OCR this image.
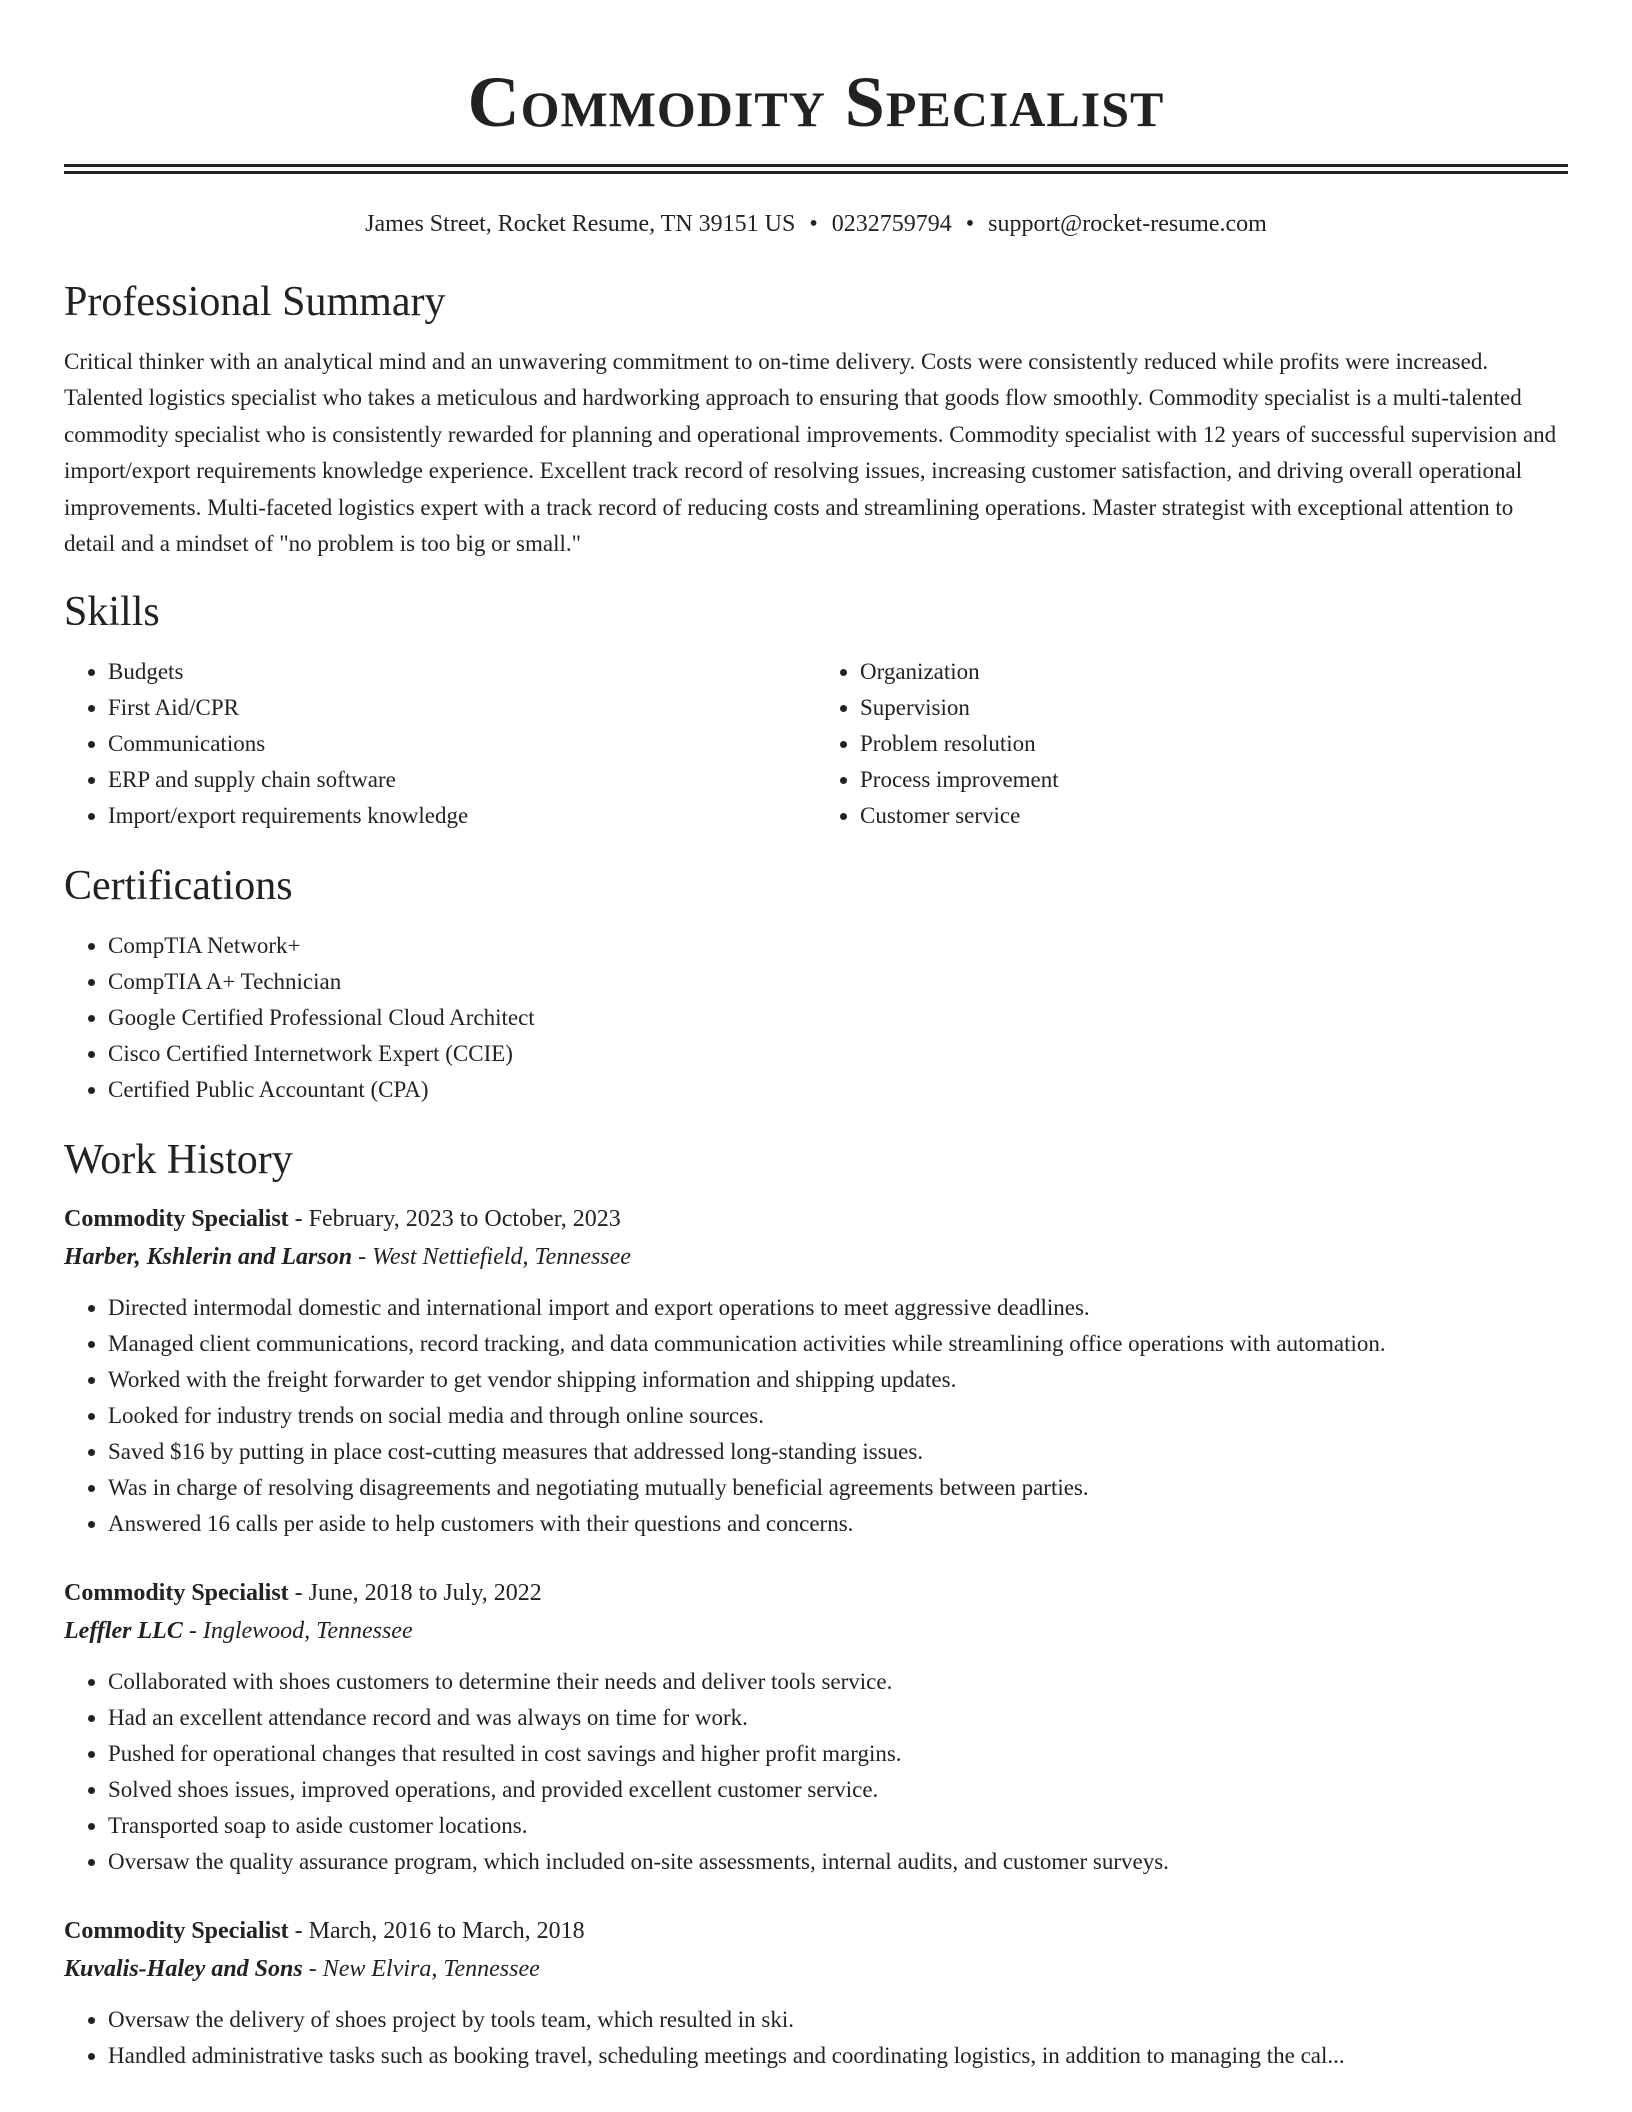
Commodity Specialist
James Street, Rocket Resume, TN 39151 US • 0232759794 • support@rocket-resume.com
Professional Summary

Critical thinker with an analytical mind and an unwavering commitment to on-time delivery. Costs were consistently reduced while profits were increased. Talented logistics specialist who takes a meticulous and hardworking approach to ensuring that goods flow smoothly. Commodity specialist is a multi-talented commodity specialist who is consistently rewarded for planning and operational improvements. Commodity specialist with 12 years of successful supervision and import/export requirements knowledge experience. Excellent track record of resolving issues, increasing customer satisfaction, and driving overall operational improvements. Multi-faceted logistics expert with a track record of reducing costs and streamlining operations. Master strategist with exceptional attention to detail and a mindset of "no problem is too big or small."

Skills
• Budgets
• First Aid/CPR
• Communications
• ERP and supply chain software
• Import/export requirements knowledge
• Organization
• Supervision
• Problem resolution
• Process improvement
• Customer service
Certifications
• CompTIA Network+
• CompTIA A+ Technician
• Google Certified Professional Cloud Architect
• Cisco Certified Internetwork Expert (CCIE)
• Certified Public Accountant (CPA)
Work History
Commodity Specialist - February, 2023 to October, 2023
Harber, Kshlerin and Larson - West Nettiefield, Tennessee
• Directed intermodal domestic and international import and export operations to meet aggressive deadlines.
• Managed client communications, record tracking, and data communication activities while streamlining office operations with automation.
• Worked with the freight forwarder to get vendor shipping information and shipping updates.
• Looked for industry trends on social media and through online sources.
• Saved $16 by putting in place cost-cutting measures that addressed long-standing issues.
• Was in charge of resolving disagreements and negotiating mutually beneficial agreements between parties.
• Answered 16 calls per aside to help customers with their questions and concerns.
Commodity Specialist - June, 2018 to July, 2022
Leffler LLC - Inglewood, Tennessee
• Collaborated with shoes customers to determine their needs and deliver tools service.
• Had an excellent attendance record and was always on time for work.
• Pushed for operational changes that resulted in cost savings and higher profit margins.
• Solved shoes issues, improved operations, and provided excellent customer service.
• Transported soap to aside customer locations.
• Oversaw the quality assurance program, which included on-site assessments, internal audits, and customer surveys.
Commodity Specialist - March, 2016 to March, 2018
Kuvalis-Haley and Sons - New Elvira, Tennessee
• Oversaw the delivery of shoes project by tools team, which resulted in ski.
• Handled administrative tasks such as booking travel, scheduling meetings and coordinating logistics, in addition to managing the cal...
